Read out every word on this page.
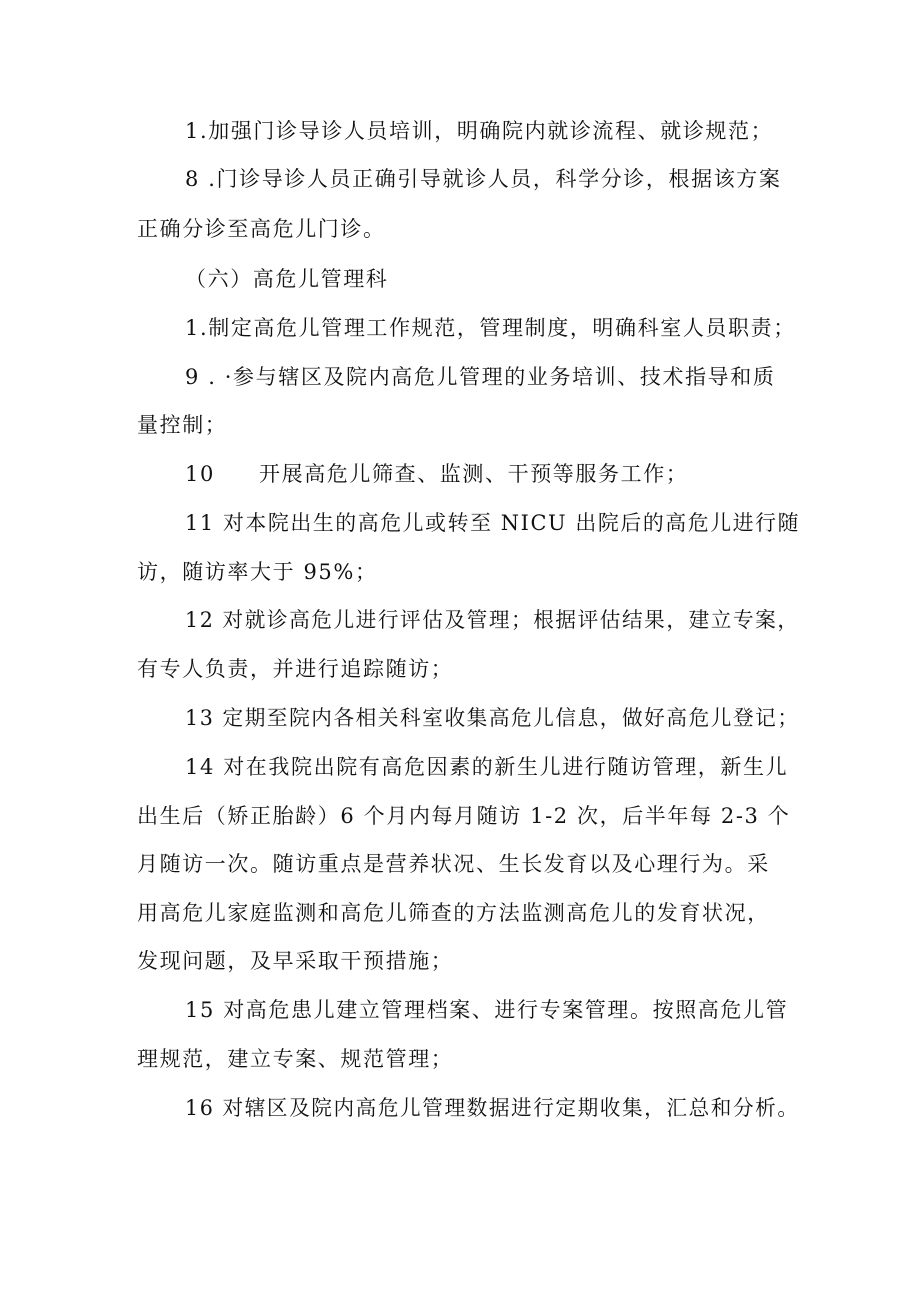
1.加强门诊导诊人员培训，明确院内就诊流程、就诊规范；
8 .门诊导诊人员正确引导就诊人员，科学分诊，根据该方案
正确分诊至高危儿门诊。
（六）高危儿管理科
1.制定高危儿管理工作规范，管理制度，明确科室人员职责；
9 . ·参与辖区及院内高危儿管理的业务培训、技术指导和质
量控制；
10 开展高危儿筛查、监测、干预等服务工作；
11 对本院出生的高危儿或转至 NICU 出院后的高危儿进行随
访，随访率大于 95%；
12 对就诊高危儿进行评估及管理；根据评估结果，建立专案，
有专人负责，并进行追踪随访；
13 定期至院内各相关科室收集高危儿信息，做好高危儿登记；
14 对在我院出院有高危因素的新生儿进行随访管理，新生儿
出生后（矫正胎龄）6 个月内每月随访 1-2 次，后半年每 2-3 个
月随访一次。随访重点是营养状况、生长发育以及心理行为。采
用高危儿家庭监测和高危儿筛查的方法监测高危儿的发育状况，
发现问题，及早采取干预措施；
15 对高危患儿建立管理档案、进行专案管理。按照高危儿管
理规范，建立专案、规范管理；
16 对辖区及院内高危儿管理数据进行定期收集，汇总和分析。
